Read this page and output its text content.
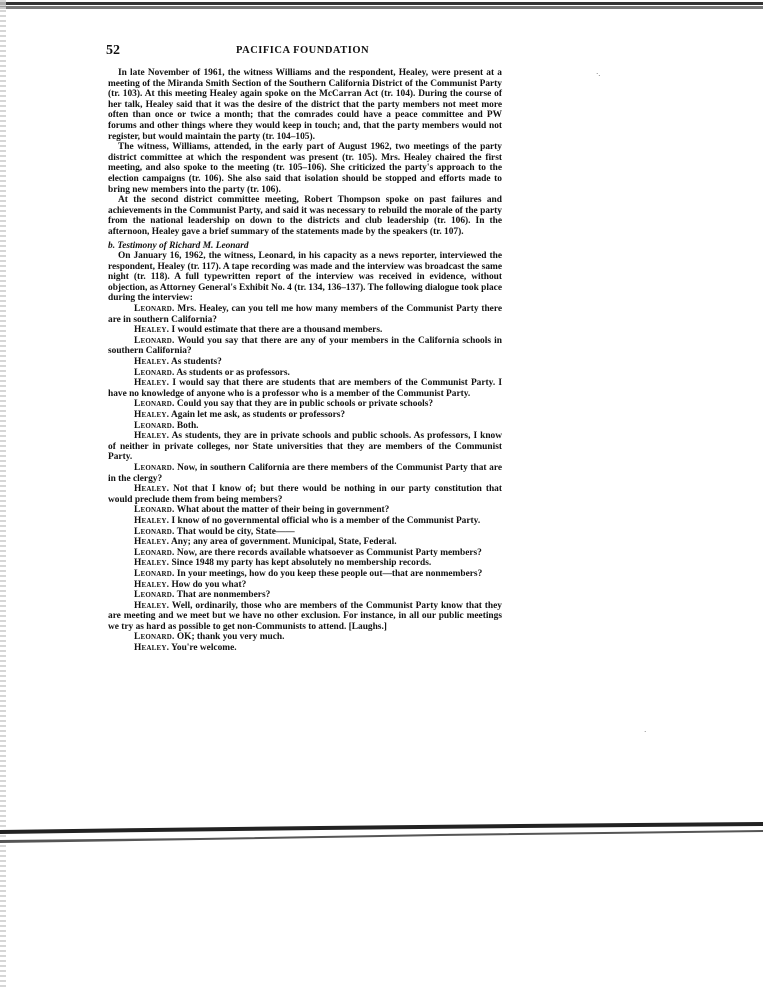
52	PACIFICA FOUNDATION

In late November of 1961, the witness Williams and the respondent, Healey, were present at a meeting of the Miranda Smith Section of the Southern California District of the Communist Party (tr. 103). At this meeting Healey again spoke on the McCarran Act (tr. 104). During the course of her talk, Healey said that it was the desire of the district that the party members not meet more often than once or twice a month; that the comrades could have a peace committee and PW forums and other things where they would keep in touch; and, that the party members would not register, but would maintain the party (tr. 104–105).

The witness, Williams, attended, in the early part of August 1962, two meetings of the party district committee at which the respondent was present (tr. 105). Mrs. Healey chaired the first meeting, and also spoke to the meeting (tr. 105–106). She criticized the party's approach to the election campaigns (tr. 106). She also said that isolation should be stopped and efforts made to bring new members into the party (tr. 106).

At the second district committee meeting, Robert Thompson spoke on past failures and achievements in the Communist Party, and said it was necessary to rebuild the morale of the party from the national leadership on down to the districts and club leadership (tr. 106). In the afternoon, Healey gave a brief summary of the statements made by the speakers (tr. 107).

b. Testimony of Richard M. Leonard

On January 16, 1962, the witness, Leonard, in his capacity as a news reporter, interviewed the respondent, Healey (tr. 117). A tape recording was made and the interview was broadcast the same night (tr. 118). A full typewritten report of the interview was received in evidence, without objection, as Attorney General's Exhibit No. 4 (tr. 134, 136–137). The following dialogue took place during the interview:

Leonard. Mrs. Healey, can you tell me how many members of the Communist Party there are in southern California?

Healey. I would estimate that there are a thousand members.

Leonard. Would you say that there are any of your members in the California schools in southern California?

Healey. As students?

Leonard. As students or as professors.

Healey. I would say that there are students that are members of the Communist Party. I have no knowledge of anyone who is a professor who is a member of the Communist Party.

Leonard. Could you say that they are in public schools or private schools?

Healey. Again let me ask, as students or professors?

Leonard. Both.

Healey. As students, they are in private schools and public schools. As professors, I know of neither in private colleges, nor State universities that they are members of the Communist Party.

Leonard. Now, in southern California are there members of the Communist Party that are in the clergy?

Healey. Not that I know of; but there would be nothing in our party constitution that would preclude them from being members?

Leonard. What about the matter of their being in government?

Healey. I know of no governmental official who is a member of the Communist Party.

Leonard. That would be city, State——

Healey. Any; any area of government. Municipal, State, Federal.

Leonard. Now, are there records available whatsoever as Communist Party members?

Healey. Since 1948 my party has kept absolutely no membership records.

Leonard. In your meetings, how do you keep these people out—that are nonmembers?

Healey. How do you what?

Leonard. That are nonmembers?

Healey. Well, ordinarily, those who are members of the Communist Party know that they are meeting and we meet but we have no other exclusion. For instance, in all our public meetings we try as hard as possible to get non-Communists to attend. [Laughs.]

Leonard. OK; thank you very much.

Healey. You're welcome.

·.
·
